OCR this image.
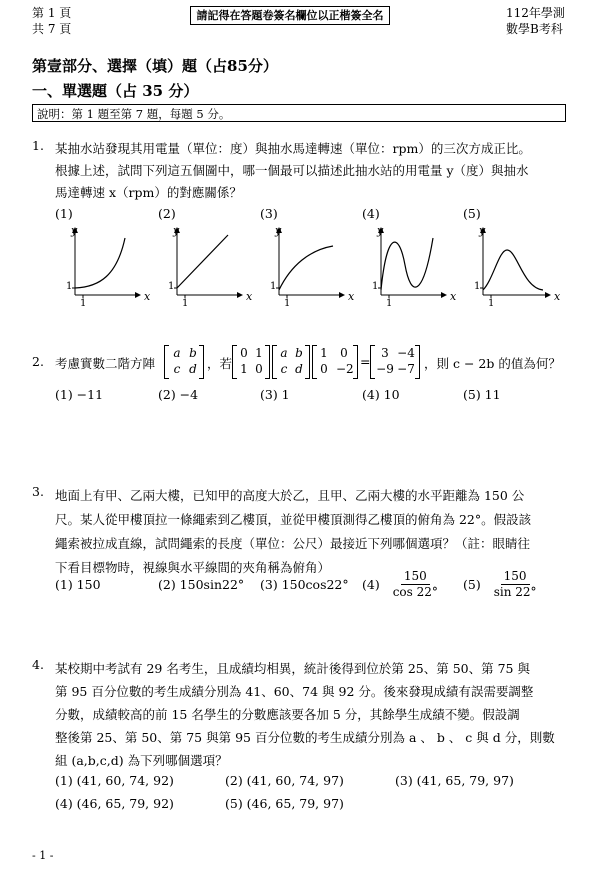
第 1 頁
共 7 頁
請記得在答題卷簽名欄位以正楷簽全名	112年學測
數學B考科
第壹部分、選擇（填）題（占85分）
一、單選題（占 35 分）
說明：第 1 題至第 7 題，每題 5 分。
1. 某抽水站發現其用電量（單位：度）與抽水馬達轉速（單位：rpm）的三次方成正比。
根據上述，試問下列這五個圖中，哪一個最可以描述此抽水站的用電量 y（度）與抽水
馬達轉速 x（rpm）的對應關係？
(1)	(2)	(3)	(4)	(5)
y
x
1
1
y
x
1
1
y
x
1
1
y
x
1
1
y
x
1
1
2. 考慮實數二階方陣
a b
c d ，若
0 1
1 0
a b
c d
1	0
0 −2 =
3 −4
−9 −7 ，則 c − 2b 的值為何？
(1) −11	(2) −4	(3) 1	(4) 10	(5) 11
3. 地面上有甲、乙兩大樓，已知甲的高度大於乙，且甲、乙兩大樓的水平距離為 150 公
尺。某人從甲樓頂拉一條繩索到乙樓頂，並從甲樓頂測得乙樓頂的俯角為 22°。假設該
繩索被拉成直線，試問繩索的長度（單位：公尺）最接近下列哪個選項？（註：眼睛往
下看目標物時，視線與水平線間的夾角稱為俯角）
(1) 150	(2) 150sin22° (3) 150cos22° $(4) \frac{150}{\cos 22^\circ} (5) \frac{150}{\sin 22^\circ}$
4. 某校期中考試有 29 名考生，且成績均相異，統計後得到位於第 25、第 50、第 75 與
第 95 百分位數的考生成績分別為 41、60、74 與 92 分。後來發現成績有誤需要調整
分數，成績較高的前 15 名學生的分數應該要各加 5 分，其餘學生成績不變。假設調
整後第 25、第 50、第 75 與第 95 百分位數的考生成績分別為 a 、 b 、 c 與 d 分，則數
組 (a,b,c,d) 為下列哪個選項？
(1) (41, 60, 74, 92)	(2) (41, 60, 74, 97)	(3) (41, 65, 79, 97)
(4) (46, 65, 79, 92)	(5) (46, 65, 79, 97)
- 1 -
